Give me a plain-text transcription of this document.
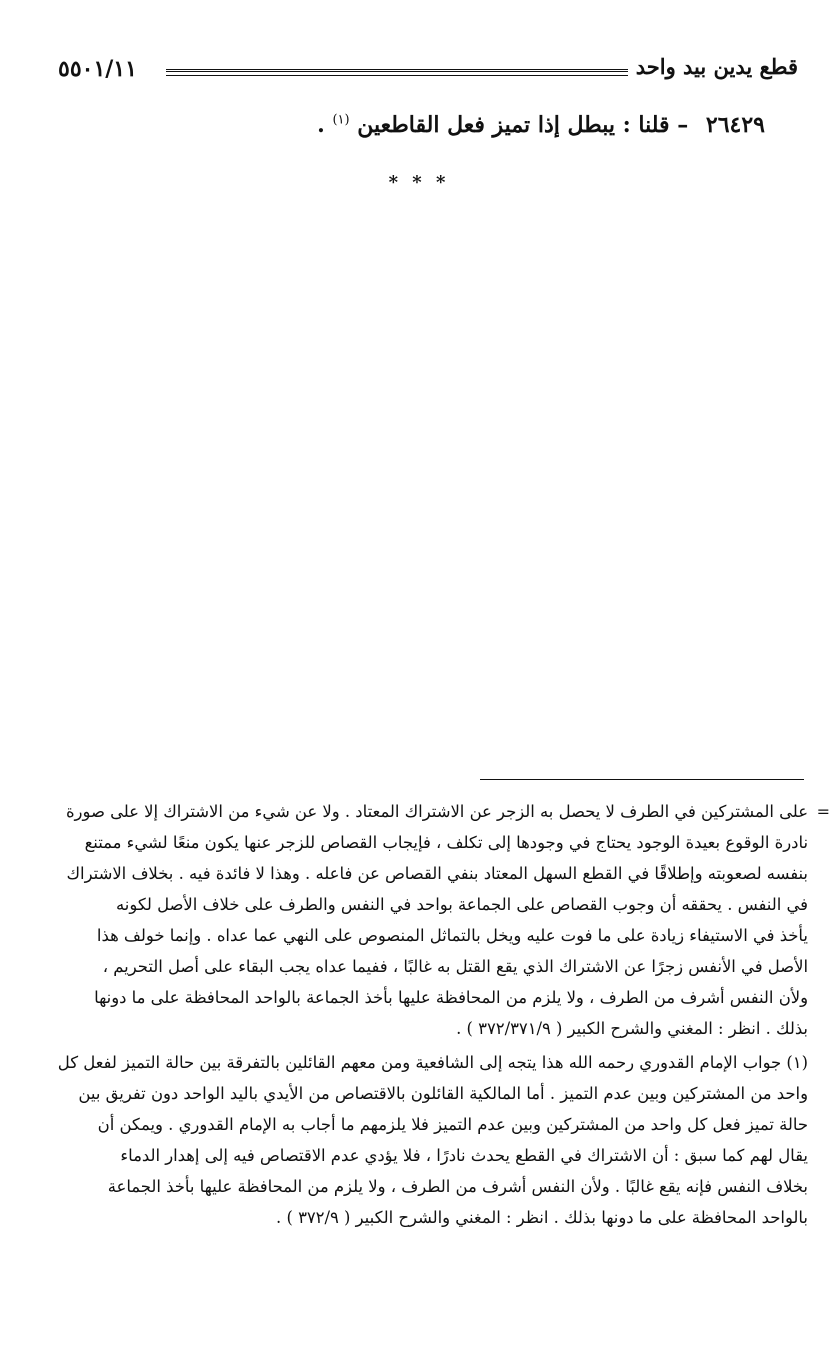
٥٥٠١/١١	قطع يدين بيد واحد
٢٦٤٢٩ – قلنا : يبطل إذا تميز فعل القاطعين $^{(١)}$ .
* * *
=

على المشتركين في الطرف لا يحصل به الزجر عن الاشتراك المعتاد . ولا عن شيء من الاشتراك إلا على صورة
نادرة الوقوع بعيدة الوجود يحتاج في وجودها إلى تكلف ، فإيجاب القصاص للزجر عنها يكون منعًا لشيء ممتنع
بنفسه لصعوبته وإطلاقًا في القطع السهل المعتاد بنفي القصاص عن فاعله . وهذا لا فائدة فيه . بخلاف الاشتراك
في النفس . يحققه أن وجوب القصاص على الجماعة بواحد في النفس والطرف على خلاف الأصل لكونه
يأخذ في الاستيفاء زيادة على ما فوت عليه ويخل بالتماثل المنصوص على النهي عما عداه . وإنما خولف هذا
الأصل في الأنفس زجرًا عن الاشتراك الذي يقع القتل به غالبًا ، ففيما عداه يجب البقاء على أصل التحريم ،
ولأن النفس أشرف من الطرف ، ولا يلزم من المحافظة عليها بأخذ الجماعة بالواحد المحافظة على ما دونها
بذلك . انظر : المغني والشرح الكبير ( ٣٧٢/٣٧١/٩ ) .

(١) جواب الإمام القدوري رحمه الله هذا يتجه إلى الشافعية ومن معهم القائلين بالتفرقة بين حالة التميز لفعل كل
واحد من المشتركين وبين عدم التميز . أما المالكية القائلون بالاقتصاص من الأيدي باليد الواحد دون تفريق بين
حالة تميز فعل كل واحد من المشتركين وبين عدم التميز فلا يلزمهم ما أجاب به الإمام القدوري . ويمكن أن
يقال لهم كما سبق : أن الاشتراك في القطع يحدث نادرًا ، فلا يؤدي عدم الاقتصاص فيه إلى إهدار الدماء
بخلاف النفس فإنه يقع غالبًا . ولأن النفس أشرف من الطرف ، ولا يلزم من المحافظة عليها بأخذ الجماعة
بالواحد المحافظة على ما دونها بذلك . انظر : المغني والشرح الكبير ( ٣٧٢/٩ ) .
